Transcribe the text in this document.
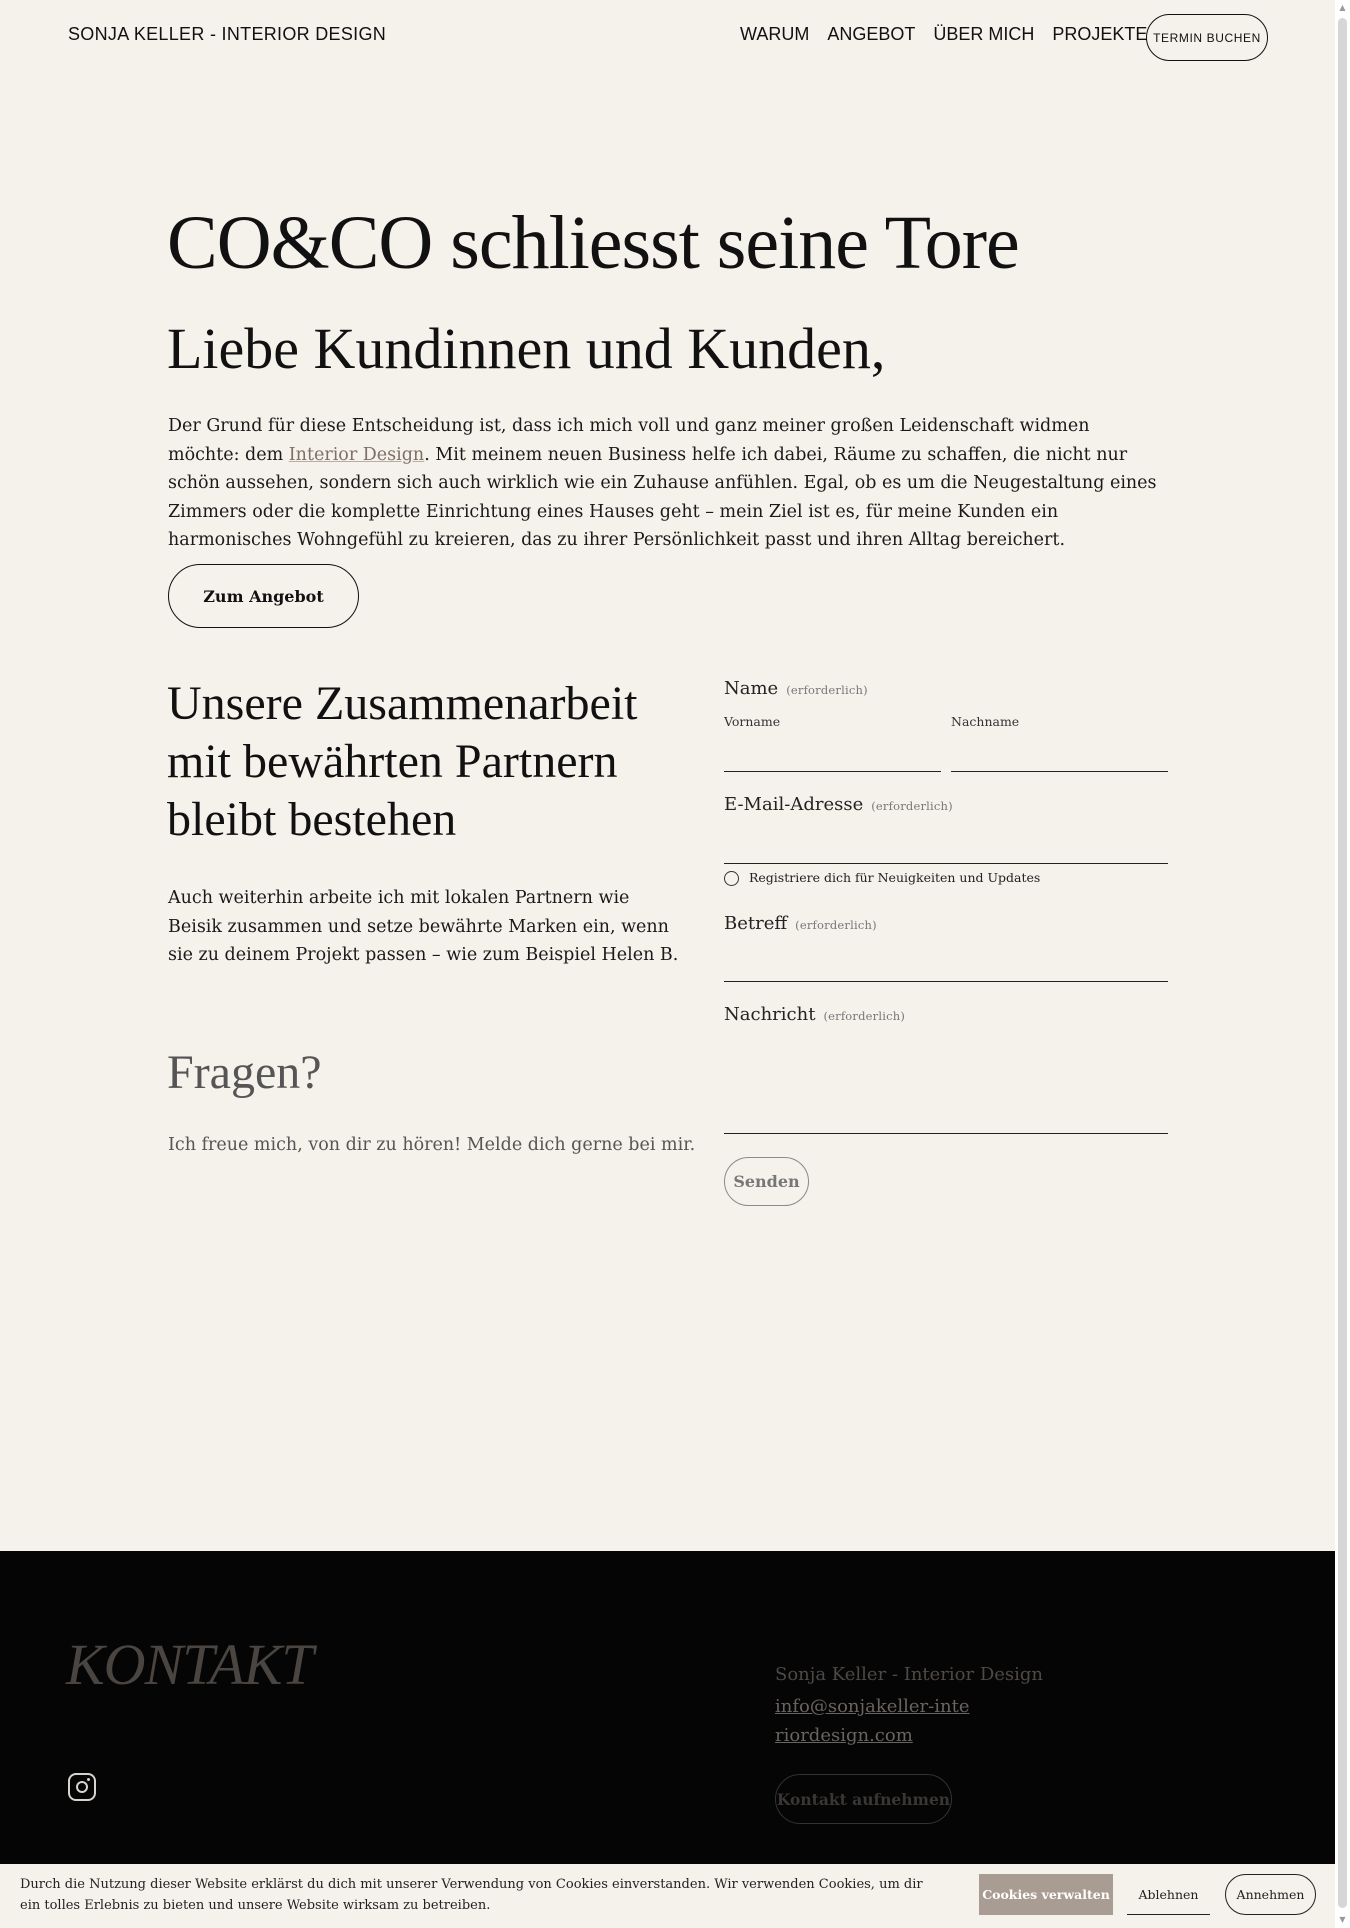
SONJA KELLER - INTERIOR DESIGN	WARUM ANGEBOT ÜBER MICH PROJEKTE TERMIN BUCHEN
CO&CO schliesst seine Tore
Liebe Kundinnen und Kunden,

Der Grund für diese Entscheidung ist, dass ich mich voll und ganz meiner großen Leidenschaft widmen möchte: dem Interior Design. Mit meinem neuen Business helfe ich dabei, Räume zu schaffen, die nicht nur schön aussehen, sondern sich auch wirklich wie ein Zuhause anfühlen. Egal, ob es um die Neugestaltung eines Zimmers oder die komplette Einrichtung eines Hauses geht – mein Ziel ist es, für meine Kunden ein harmonisches Wohngefühl zu kreieren, das zu ihrer Persönlichkeit passt und ihren Alltag bereichert.

Zum Angebot
Unsere Zusammenarbeit mit bewährten Partnern bleibt bestehen

Auch weiterhin arbeite ich mit lokalen Partnern wie Beisik zusammen und setze bewährte Marken ein, wenn sie zu deinem Projekt passen – wie zum Beispiel Helen B.

Fragen?

Ich freue mich, von dir zu hören! Melde dich gerne bei mir.

Name (erforderlich)
Vorname	Nachname
E-Mail-Adresse (erforderlich)
Registriere dich für Neuigkeiten und Updates
Betreff (erforderlich)
Nachricht (erforderlich)
Senden
KONTAKT	Sonja Keller - Interior Design
info@sonjakeller-interiordesign.com
Kontakt aufnehmen

Durch die Nutzung dieser Website erklärst du dich mit unserer Verwendung von Cookies einverstanden. Wir verwenden Cookies, um dir ein tolles Erlebnis zu bieten und unsere Website wirksam zu betreiben.

Cookies verwalten	Ablehnen	Annehmen
▲
▼
